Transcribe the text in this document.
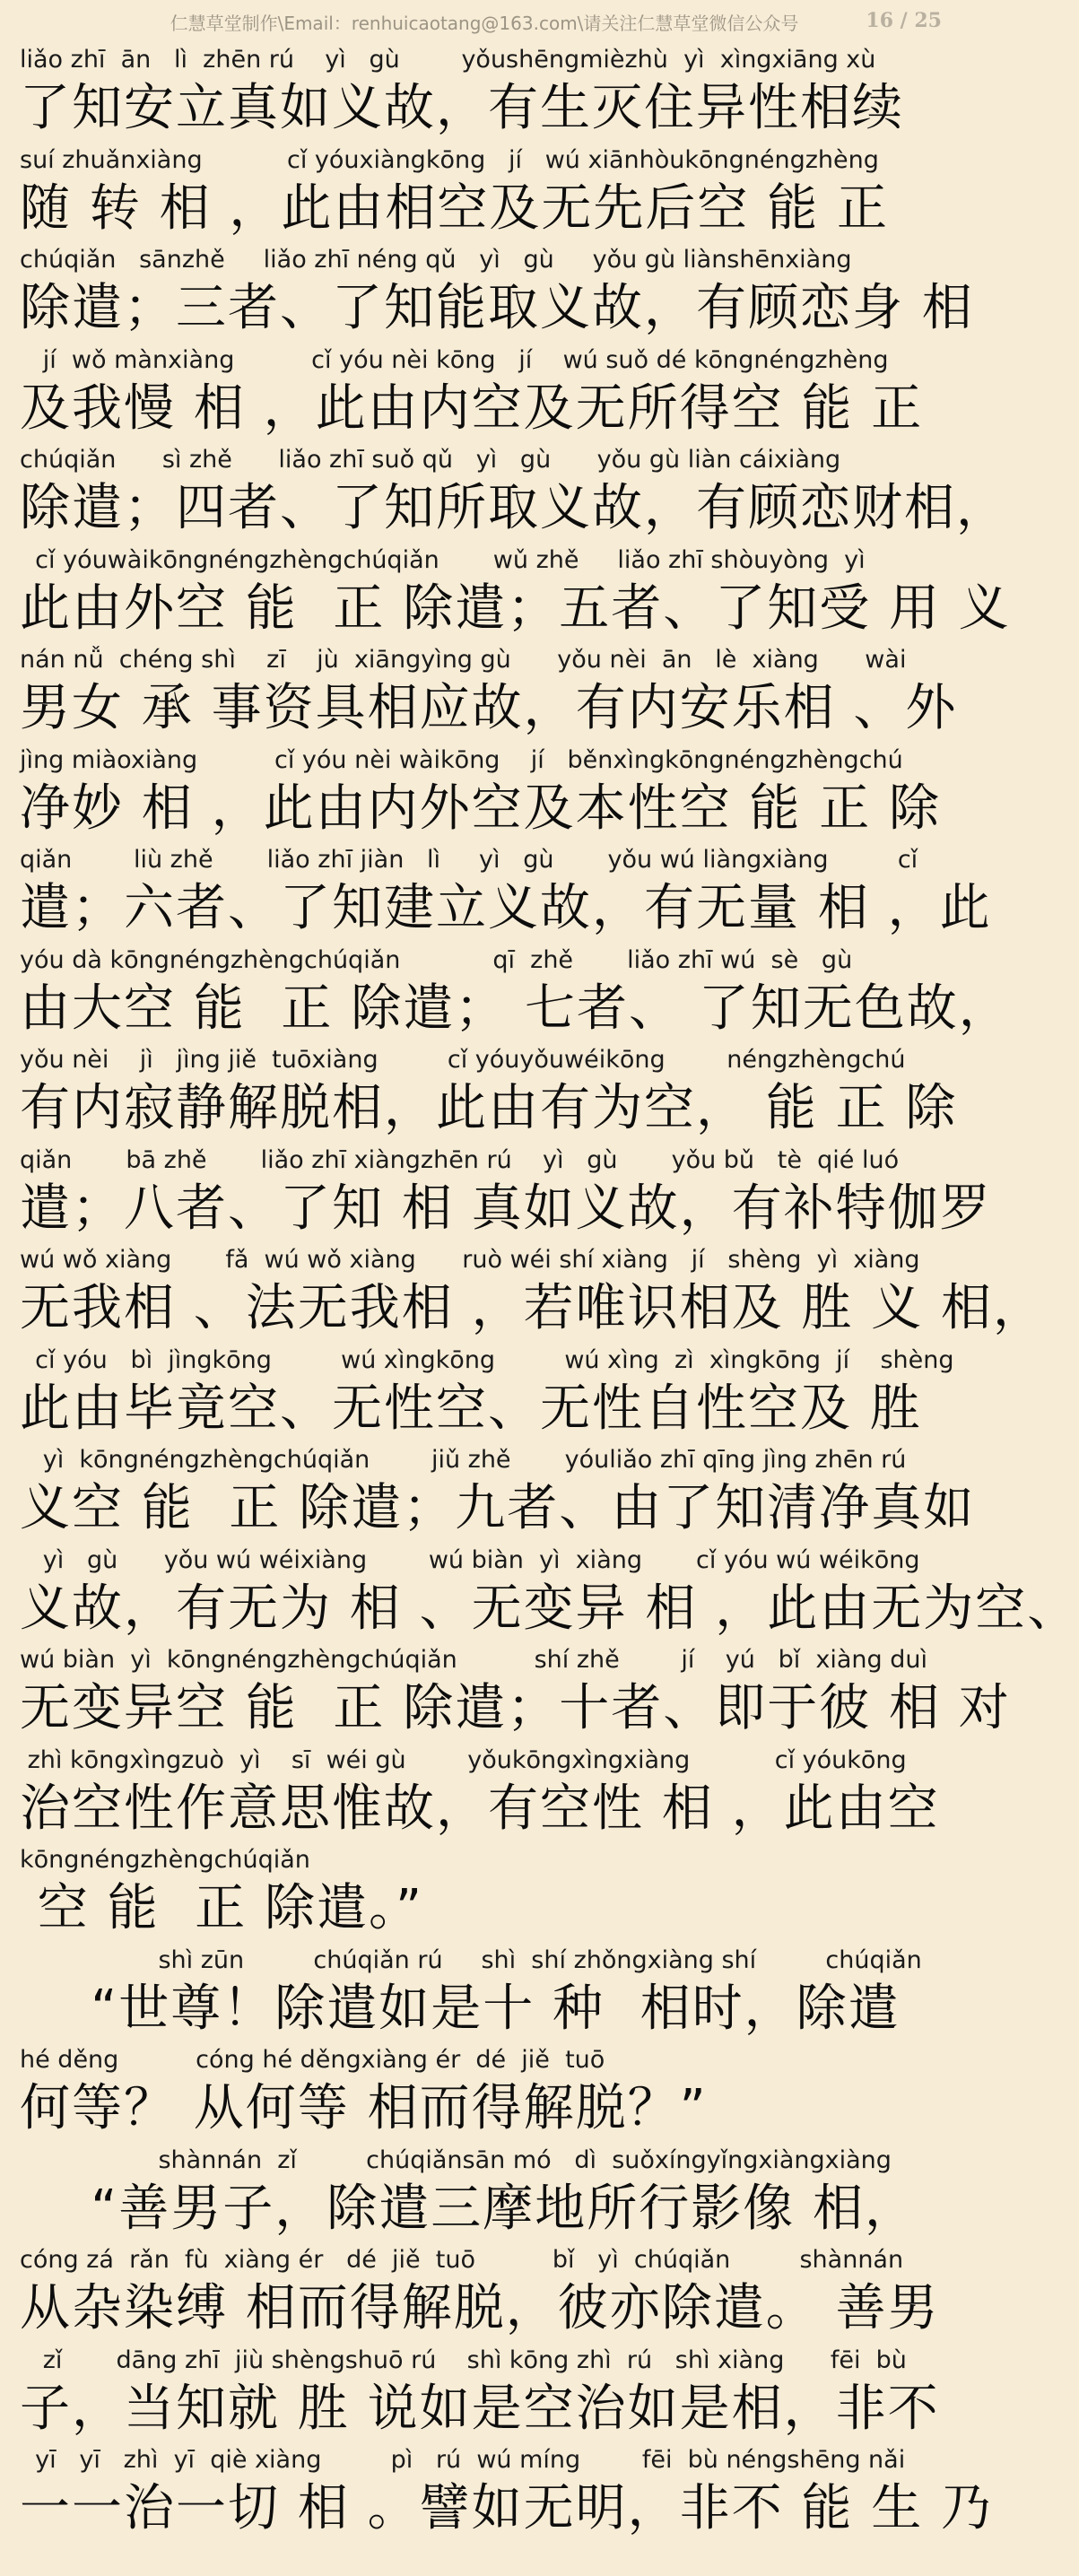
仁慧草堂制作\Email：renhuicaotang@163.com\请关注仁慧草堂微信公众号	16 / 25
liǎo zhī  ān   lì  zhēn rú    yì   gù        yǒushēngmièzhù  yì  xìngxiāng xù
了知安立真如义故，有生灭住异性相续
suí zhuǎnxiàng           cǐ yóuxiàngkōng   jí   wú xiānhòukōngnéngzhèng
随 转 相 ，此由相空及无先后空 能 正
chúqiǎn   sānzhě     liǎo zhī néng qǔ   yì   gù     yǒu gù liànshēnxiàng
除遣；三者、了知能取义故，有顾恋身 相
jí  wǒ mànxiàng          cǐ yóu nèi kōng   jí    wú suǒ dé kōngnéngzhèng
及我慢 相 ，此由内空及无所得空 能 正
chúqiǎn      sì zhě      liǎo zhī suǒ qǔ   yì   gù      yǒu gù liàn cáixiàng
除遣；四者、了知所取义故，有顾恋财相，
cǐ yóuwàikōngnéngzhèngchúqiǎn       wǔ zhě     liǎo zhī shòuyòng  yì
此由外空 能  正 除遣；五者、了知受 用 义
nán nǚ  chéng shì    zī    jù  xiāngyìng gù      yǒu nèi  ān   lè  xiàng      wài
男女 承 事资具相应故，有内安乐相 、外
jìng miàoxiàng          cǐ yóu nèi wàikōng    jí   běnxìngkōngnéngzhèngchú
净妙 相 ，此由内外空及本性空 能 正 除
qiǎn        liù zhě       liǎo zhī jiàn   lì     yì   gù       yǒu wú liàngxiàng         cǐ
遣；六者、了知建立义故，有无量 相 ，此
yóu dà kōngnéngzhèngchúqiǎn            qī  zhě       liǎo zhī wú  sè   gù
由大空 能  正 除遣； 七者、 了知无色故，
yǒu nèi    jì   jìng jiě  tuōxiàng         cǐ yóuyǒuwéikōng        néngzhèngchú
有内寂静解脱相，此由有为空， 能 正 除
qiǎn       bā zhě       liǎo zhī xiàngzhēn rú    yì   gù       yǒu bǔ   tè  qié luó
遣；八者、了知 相 真如义故，有补特伽罗
wú wǒ xiàng       fǎ  wú wǒ xiàng      ruò wéi shí xiàng   jí   shèng  yì  xiàng
无我相 、法无我相 ，若唯识相及 胜 义 相，
cǐ yóu   bì  jìngkōng         wú xìngkōng         wú xìng  zì  xìngkōng  jí    shèng
此由毕竟空、无性空、无性自性空及 胜
yì  kōngnéngzhèngchúqiǎn        jiǔ zhě       yóuliǎo zhī qīng jìng zhēn rú
义空 能  正 除遣；九者、由了知清净真如
yì   gù      yǒu wú wéixiàng        wú biàn  yì  xiàng       cǐ yóu wú wéikōng
义故，有无为 相 、无变异 相 ，此由无为空、
wú biàn  yì  kōngnéngzhèngchúqiǎn          shí zhě        jí    yú   bǐ  xiàng duì
无变异空 能  正 除遣；十者、即于彼 相 对
zhì kōngxìngzuò  yì    sī  wéi gù        yǒukōngxìngxiàng           cǐ yóukōng
治空性作意思惟故，有空性 相 ，此由空
kōngnéngzhèngchúqiǎn
空 能  正 除遣。”
shì zūn         chúqiǎn rú     shì  shí zhǒngxiàng shí         chúqiǎn
“世尊！除遣如是十 种  相时，除遣
hé děng          cóng hé děngxiàng ér  dé  jiě  tuō
何等？ 从何等 相而得解脱？”
shànnán  zǐ         chúqiǎnsān mó   dì  suǒxíngyǐngxiàngxiàng
“善男子，除遣三摩地所行影像 相，
cóng zá  rǎn  fù  xiàng ér   dé  jiě  tuō          bǐ   yì  chúqiǎn         shànnán
从杂染缚 相而得解脱，彼亦除遣。 善男
zǐ       dāng zhī  jiù shèngshuō rú    shì kōng zhì  rú   shì xiàng      fēi  bù
子，当知就 胜 说如是空治如是相，非不
yī   yī   zhì  yī  qiè xiàng         pì   rú  wú míng        fēi  bù néngshēng nǎi
一一治一切 相 。譬如无明，非不 能 生 乃
